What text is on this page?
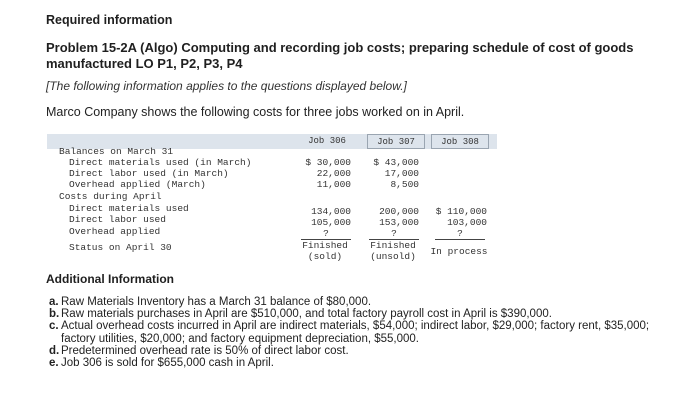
Required information
Problem 15-2A (Algo) Computing and recording job costs; preparing schedule of cost of goods
manufactured LO P1, P2, P3, P4
[The following information applies to the questions displayed below.]
Marco Company shows the following costs for three jobs worked on in April.
Job 306	Job 307	Job 308
Balances on March 31
Direct materials used (in March)
Direct labor used (in March)
Overhead applied (March)
Costs during April
Direct materials used
Direct labor used
Overhead applied
Status on April 30
$ 30,000
22,000
11,000
134,000
105,000
?
Finished
(sold)
$ 43,000
17,000
8,500
200,000
153,000
?
Finished
(unsold)
$ 110,000
103,000
?
In process
Additional Information
a. Raw Materials Inventory has a March 31 balance of $80,000.
b. Raw materials purchases in April are $510,000, and total factory payroll cost in April is $390,000.
c. Actual overhead costs incurred in April are indirect materials, $54,000; indirect labor, $29,000; factory rent, $35,000;
factory utilities, $20,000; and factory equipment depreciation, $55,000.
d. Predetermined overhead rate is 50% of direct labor cost.
e. Job 306 is sold for $655,000 cash in April.
